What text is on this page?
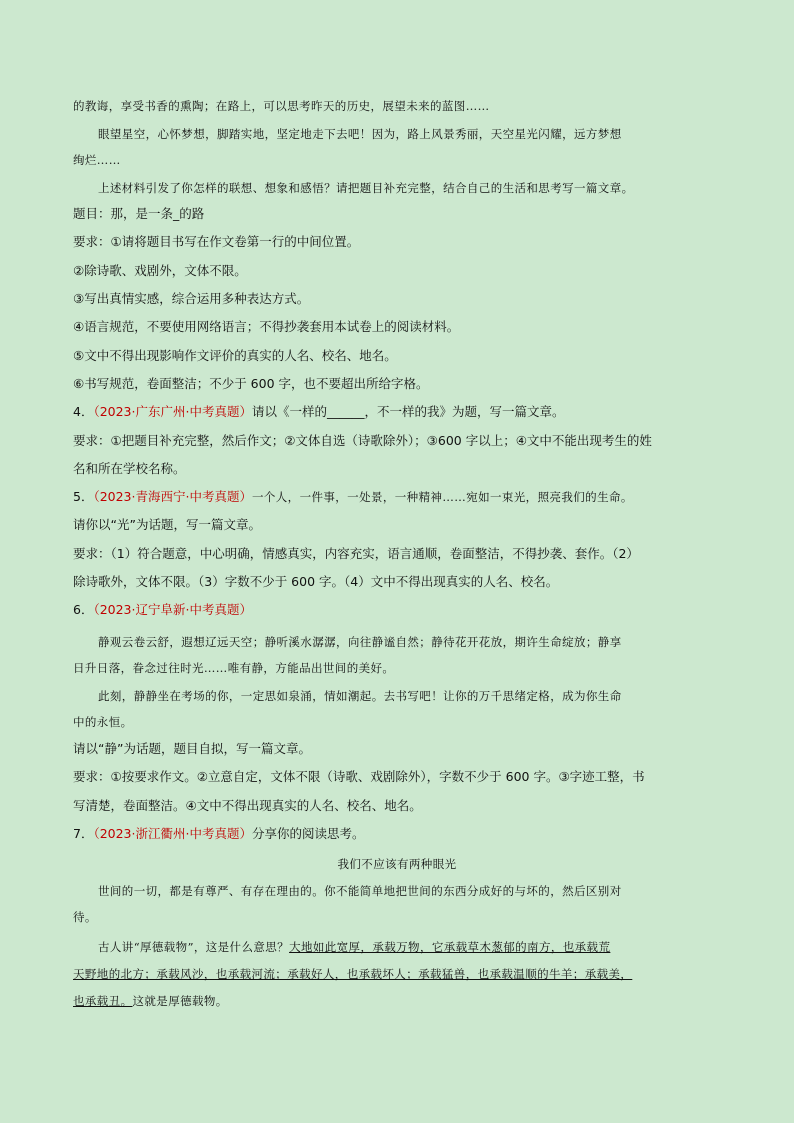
的教诲，享受书香的熏陶；在路上，可以思考昨天的历史，展望未来的蓝图……
眼望星空，心怀梦想，脚踏实地，坚定地走下去吧！因为，路上风景秀丽，天空星光闪耀，远方梦想
绚烂……
上述材料引发了你怎样的联想、想象和感悟？请把题目补充完整，结合自己的生活和思考写一篇文章。
题目：那，是一条_的路
要求：①请将题目书写在作文卷第一行的中间位置。
②除诗歌、戏剧外，文体不限。
③写出真情实感，综合运用多种表达方式。
④语言规范，不要使用网络语言；不得抄袭套用本试卷上的阅读材料。
⑤文中不得出现影响作文评价的真实的人名、校名、地名。
⑥书写规范，卷面整洁；不少于 600 字，也不要超出所给字格。
4．（2023·广东广州·中考真题）请以《一样的______，不一样的我》为题，写一篇文章。
要求：①把题目补充完整，然后作文；②文体自选（诗歌除外）；③600 字以上；④文中不能出现考生的姓
名和所在学校名称。
5．（2023·青海西宁·中考真题）一个人，一件事，一处景，一种精神……宛如一束光，照亮我们的生命。
请你以“光”为话题，写一篇文章。
要求：（1）符合题意，中心明确，情感真实，内容充实，语言通顺，卷面整洁，不得抄袭、套作。（2）
除诗歌外，文体不限。（3）字数不少于 600 字。（4）文中不得出现真实的人名、校名。
6．（2023·辽宁阜新·中考真题）
静观云卷云舒，遐想辽远天空；静听溪水潺潺，向往静谧自然；静待花开花放，期许生命绽放；静享
日升日落，眷念过往时光……唯有静，方能品出世间的美好。
此刻，静静坐在考场的你，一定思如泉涌，情如潮起。去书写吧！让你的万千思绪定格，成为你生命
中的永恒。
请以“静”为话题，题目自拟，写一篇文章。
要求：①按要求作文。②立意自定，文体不限（诗歌、戏剧除外），字数不少于 600 字。③字迹工整，书
写清楚，卷面整洁。④文中不得出现真实的人名、校名、地名。
7．（2023·浙江衢州·中考真题）分享你的阅读思考。
我们不应该有两种眼光
世间的一切，都是有尊严、有存在理由的。你不能简单地把世间的东西分成好的与坏的，然后区别对
待。
古人讲“厚德载物”，这是什么意思？大地如此宽厚，承载万物，它承载草木葱郁的南方，也承载荒
天野地的北方；承载风沙，也承载河流；承载好人，也承载坏人；承载猛兽，也承载温顺的牛羊；承载美，
也承载丑。这就是厚德载物。
